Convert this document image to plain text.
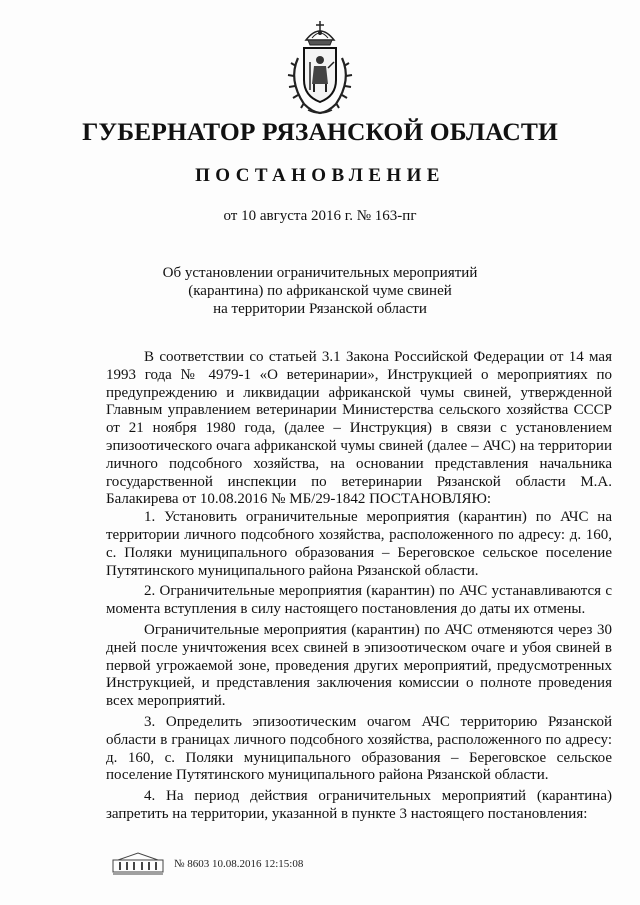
ГУБЕРНАТОР РЯЗАНСКОЙ ОБЛАСТИ
ПОСТАНОВЛЕНИЕ
от 10 августа 2016 г. № 163-пг
Об установлении ограничительных мероприятий
(карантина) по африканской чуме свиней
на территории Рязанской области

В соответствии со статьей 3.1 Закона Российской Федерации от 14 мая 1993 года № 4979-1 «О ветеринарии», Инструкцией о мероприятиях по предупреждению и ликвидации африканской чумы свиней, утвержденной Главным управлением ветеринарии Министерства сельского хозяйства СССР от 21 ноября 1980 года, (далее – Инструкция) в связи с установлением эпизоотического очага африканской чумы свиней (далее – АЧС) на территории личного подсобного хозяйства, на основании представления начальника государственной инспекции по ветеринарии Рязанской области М.А. Балакирева от 10.08.2016 № МБ/29-1842 ПОСТАНОВЛЯЮ:

1. Установить ограничительные мероприятия (карантин) по АЧС на территории личного подсобного хозяйства, расположенного по адресу: д. 160, с. Поляки муниципального образования – Береговское сельское поселение Путятинского муниципального района Рязанской области.

2. Ограничительные мероприятия (карантин) по АЧС устанавливаются с момента вступления в силу настоящего постановления до даты их отмены.

Ограничительные мероприятия (карантин) по АЧС отменяются через 30 дней после уничтожения всех свиней в эпизоотическом очаге и убоя свиней в первой угрожаемой зоне, проведения других мероприятий, предусмотренных Инструкцией, и представления заключения комиссии о полноте проведения всех мероприятий.

3. Определить эпизоотическим очагом АЧС территорию Рязанской области в границах личного подсобного хозяйства, расположенного по адресу: д. 160, с. Поляки муниципального образования – Береговское сельское поселение Путятинского муниципального района Рязанской области.

4. На период действия ограничительных мероприятий (карантина) запретить на территории, указанной в пункте 3 настоящего постановления:

№ 8603 10.08.2016 12:15:08
